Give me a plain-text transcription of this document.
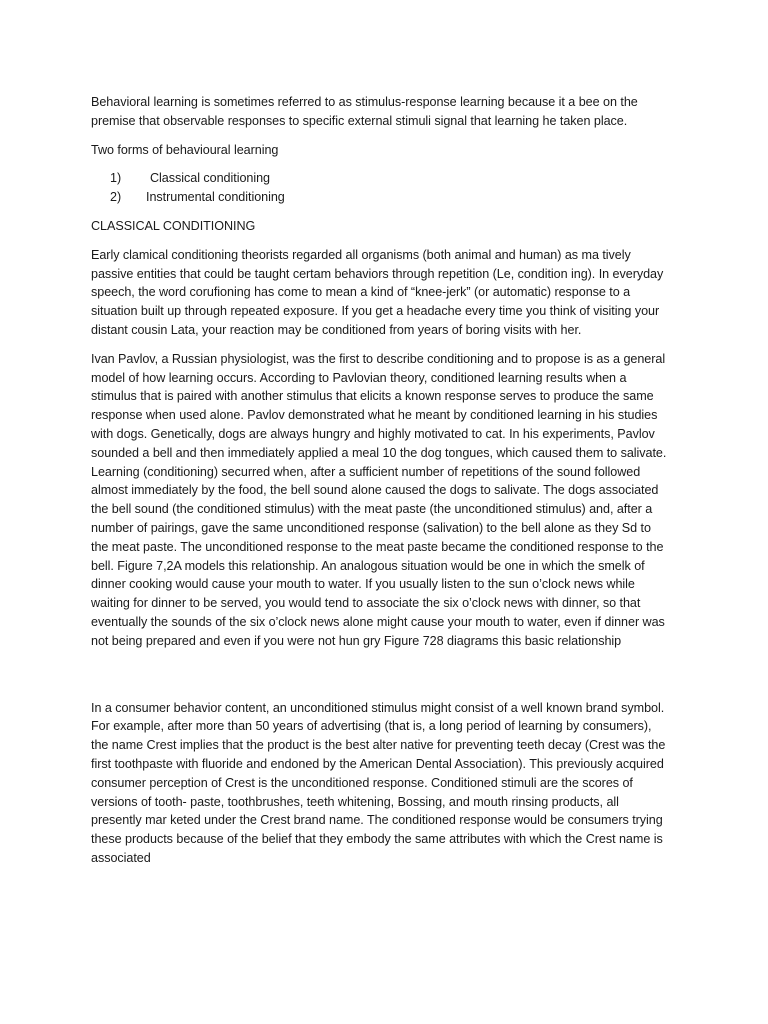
Behavioral learning is sometimes referred to as stimulus-response learning because it a bee on the
premise that observable responses to specific external stimuli signal that learning he taken place.
Two forms of behavioural learning
1)	Classical conditioning
2)	Instrumental conditioning
CLASSICAL CONDITIONING
Early clamical conditioning theorists regarded all organisms (both animal and human) as ma tively
passive entities that could be taught certam behaviors through repetition (Le, condition ing). In everyday
speech, the word corufioning has come to mean a kind of “knee-jerk” (or automatic) response to a
situation built up through repeated exposure. If you get a headache every time you think of visiting your
distant cousin Lata, your reaction may be conditioned from years of boring visits with her.
Ivan Pavlov, a Russian physiologist, was the first to describe conditioning and to propose is as a general
model of how learning occurs. According to Pavlovian theory, conditioned learning results when a
stimulus that is paired with another stimulus that elicits a known response serves to produce the same
response when used alone. Pavlov demonstrated what he meant by conditioned learning in his studies
with dogs. Genetically, dogs are always hungry and highly motivated to cat. In his experiments, Pavlov
sounded a bell and then immediately applied a meal 10 the dog tongues, which caused them to salivate.
Learning (conditioning) securred when, after a sufficient number of repetitions of the sound followed
almost immediately by the food, the bell sound alone caused the dogs to salivate. The dogs associated
the bell sound (the conditioned stimulus) with the meat paste (the unconditioned stimulus) and, after a
number of pairings, gave the same unconditioned response (salivation) to the bell alone as they Sd to
the meat paste. The unconditioned response to the meat paste became the conditioned response to the
bell. Figure 7,2A models this relationship. An analogous situation would be one in which the smelk of
dinner cooking would cause your mouth to water. If you usually listen to the sun o’clock news while
waiting for dinner to be served, you would tend to associate the six o’clock news with dinner, so that
eventually the sounds of the six o’clock news alone might cause your mouth to water, even if dinner was
not being prepared and even if you were not hun gry Figure 728 diagrams this basic relationship
In a consumer behavior content, an unconditioned stimulus might consist of a well known brand symbol.
For example, after more than 50 years of advertising (that is, a long period of learning by consumers),
the name Crest implies that the product is the best alter native for preventing teeth decay (Crest was the
first toothpaste with fluoride and endoned by the American Dental Association). This previously acquired
consumer perception of Crest is the unconditioned response. Conditioned stimuli are the scores of
versions of tooth- paste, toothbrushes, teeth whitening, Bossing, and mouth rinsing products, all
presently mar keted under the Crest brand name. The conditioned response would be consumers trying
these products because of the belief that they embody the same attributes with which the Crest name is
associated
